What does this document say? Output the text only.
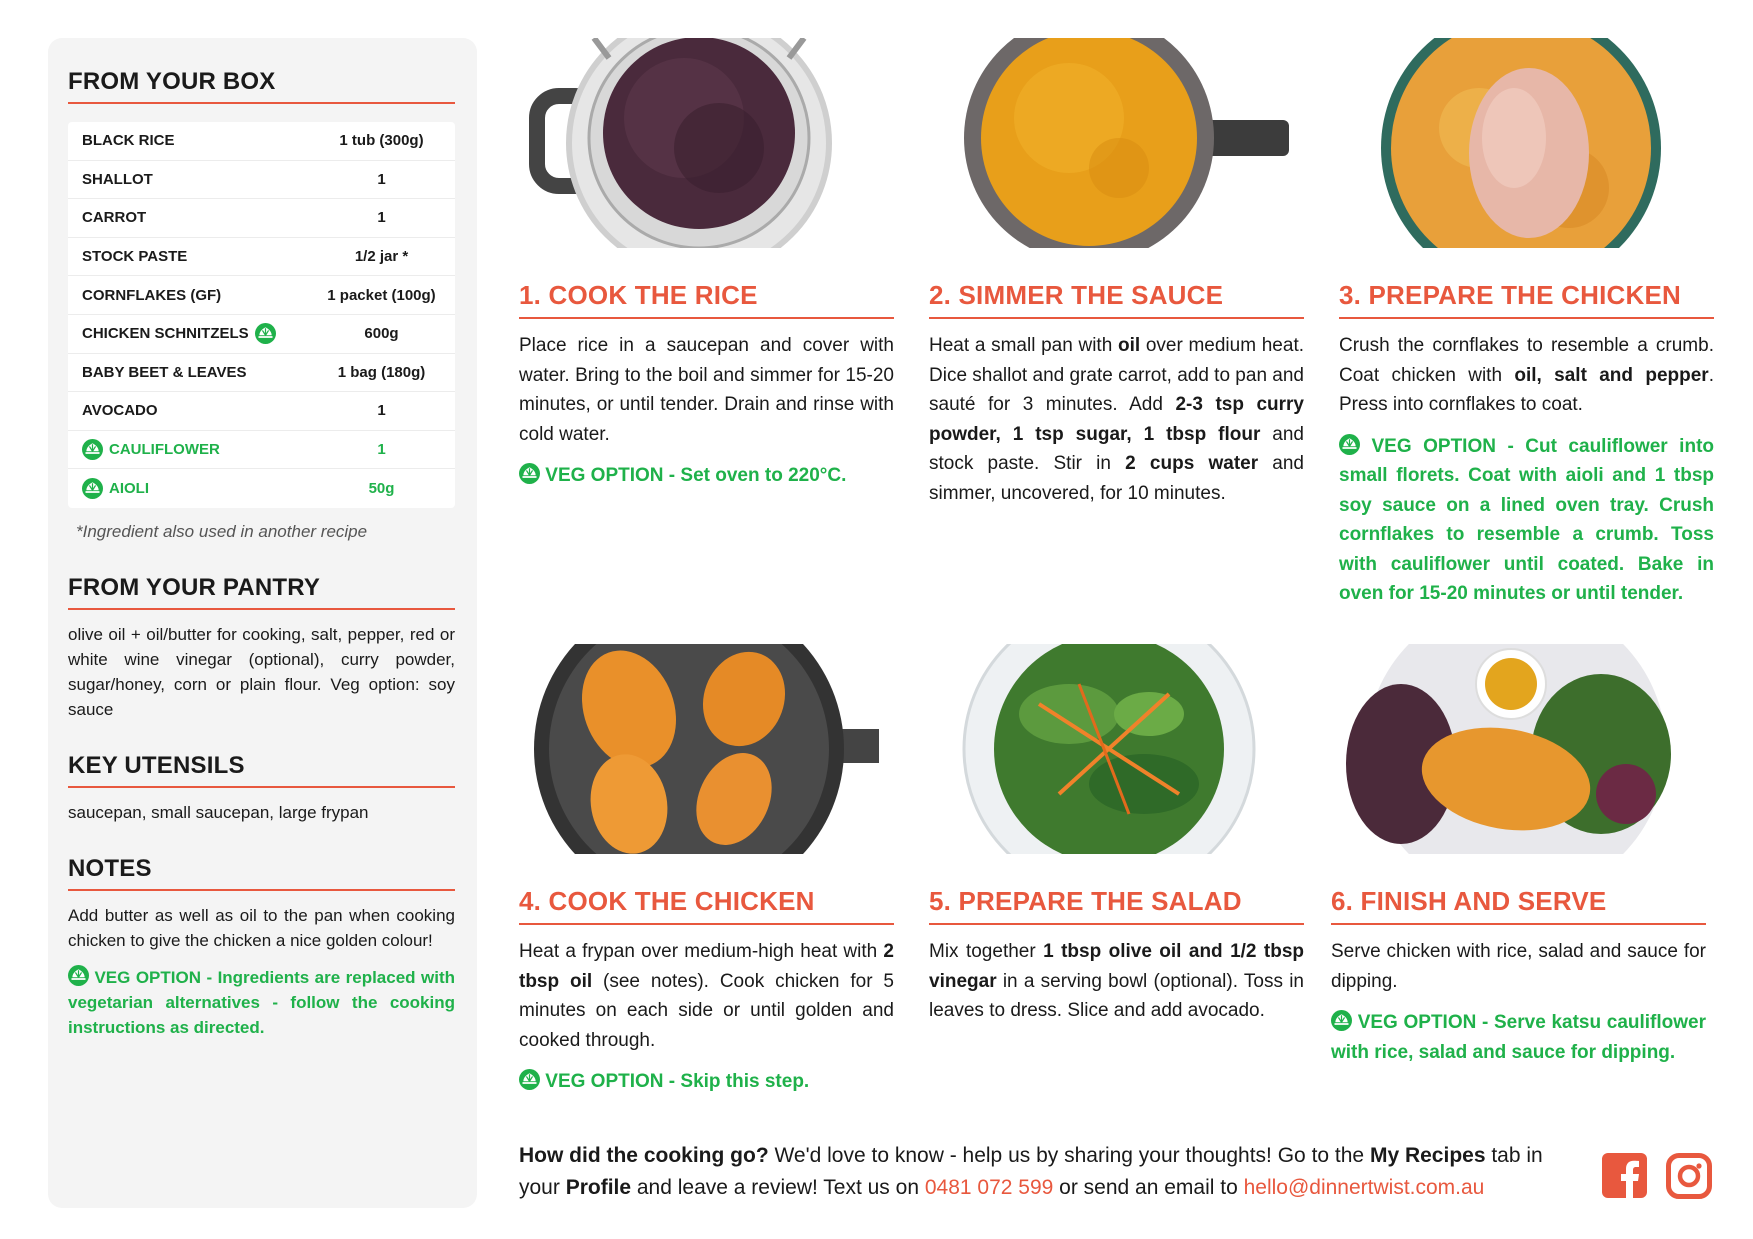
FROM YOUR BOX
BLACK RICE	1 tub (300g)
SHALLOT	1
CARROT	1
STOCK PASTE	1/2 jar *
CORNFLAKES (GF)	1 packet (100g)
CHICKEN SCHNITZELS	600g
BABY BEET & LEAVES	1 bag (180g)
AVOCADO	1
CAULIFLOWER	1
AIOLI	50g
*Ingredient also used in another recipe
FROM YOUR PANTRY

olive oil + oil/butter for cooking, salt, pepper, red or white wine vinegar (optional), curry powder, sugar/honey, corn or plain flour. Veg option: soy sauce

KEY UTENSILS

saucepan, small saucepan, large frypan

NOTES

Add butter as well as oil to the pan when cooking chicken to give the chicken a nice golden colour!

VEG OPTION - Ingredients are replaced with vegetarian alternatives - follow the cooking instructions as directed.

1. COOK THE RICE

Place rice in a saucepan and cover with water. Bring to the boil and simmer for 15-20 minutes, or until tender. Drain and rinse with cold water.

VEG OPTION - Set oven to 220°C.

2. SIMMER THE SAUCE

Heat a small pan with oil over medium heat. Dice shallot and grate carrot, add to pan and sauté for 3 minutes. Add 2-3 tsp curry powder, 1 tsp sugar, 1 tbsp flour and stock paste. Stir in 2 cups water and simmer, uncovered, for 10 minutes.

3. PREPARE THE CHICKEN

Crush the cornflakes to resemble a crumb. Coat chicken with oil, salt and pepper. Press into cornflakes to coat.

VEG OPTION - Cut cauliflower into small florets. Coat with aioli and 1 tbsp soy sauce on a lined oven tray. Crush cornflakes to resemble a crumb. Toss with cauliflower until coated. Bake in oven for 15-20 minutes or until tender.

4. COOK THE CHICKEN

Heat a frypan over medium-high heat with 2 tbsp oil (see notes). Cook chicken for 5 minutes on each side or until golden and cooked through.

VEG OPTION - Skip this step.

5. PREPARE THE SALAD

Mix together 1 tbsp olive oil and 1/2 tbsp vinegar in a serving bowl (optional). Toss in leaves to dress. Slice and add avocado.

6. FINISH AND SERVE

Serve chicken with rice, salad and sauce for dipping.

VEG OPTION - Serve katsu cauliflower with rice, salad and sauce for dipping.

How did the cooking go? We'd love to know - help us by sharing your thoughts! Go to the My Recipes tab in your Profile and leave a review! Text us on 0481 072 599 or send an email to hello@dinnertwist.com.au
